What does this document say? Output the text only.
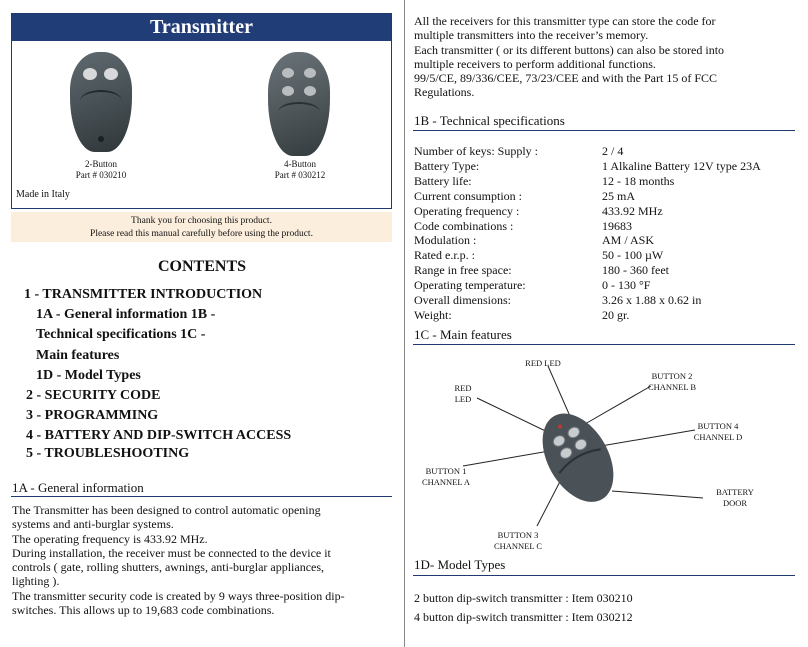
Transmitter
2-Button
Part # 030210
4-Button
Part # 030212
Made in Italy
Thank you for choosing this product.
Please read this manual carefully before using the product.
CONTENTS
1 - TRANSMITTER INTRODUCTION
1A - General information 1B -
Technical specifications 1C -
Main features
1D - Model Types
2 - SECURITY CODE
3 - PROGRAMMING
4 - BATTERY AND DIP-SWITCH ACCESS
5 - TROUBLESHOOTING
1A - General information
The Transmitter has been designed to control automatic opening
systems and anti-burglar systems.
The operating frequency is 433.92 MHz.
During installation, the receiver must be connected to the device it
controls ( gate, rolling shutters, awnings, anti-burglar appliances,
lighting ).
The transmitter security code is created by 9 ways three-position dip-
switches. This allows up to 19,683 code combinations.
All the receivers for this transmitter type can store the code for
multiple transmitters into the receiver’s memory.
Each transmitter ( or its different buttons) can also be stored into
multiple receivers to perform additional functions.
99/5/CE, 89/336/CEE, 73/23/CEE and with the Part 15 of FCC
Regulations.
1B - Technical specifications
Number of keys: Supply :
Battery Type:
Battery life:
Current consumption :
Operating frequency :
Code combinations :
Modulation :
Rated e.r.p. :
Range in free space:
Operating temperature:
Overall dimensions:
Weight:
2 / 4
1 Alkaline Battery 12V type 23A
12 - 18 months
25 mA
433.92 MHz
19683
AM / ASK
50 - 100 µW
180 - 360 feet
0 - 130 °F
3.26 x 1.88 x 0.62 in
20 gr.
1C - Main features
RED LED
RED
LED
BUTTON 2
CHANNEL B
BUTTON 4
CHANNEL D
BUTTON 1
CHANNEL A
BATTERY
DOOR
BUTTON 3
CHANNEL C
1D- Model Types
2 button dip-switch transmitter : Item 030210
4 button dip-switch transmitter : Item 030212
